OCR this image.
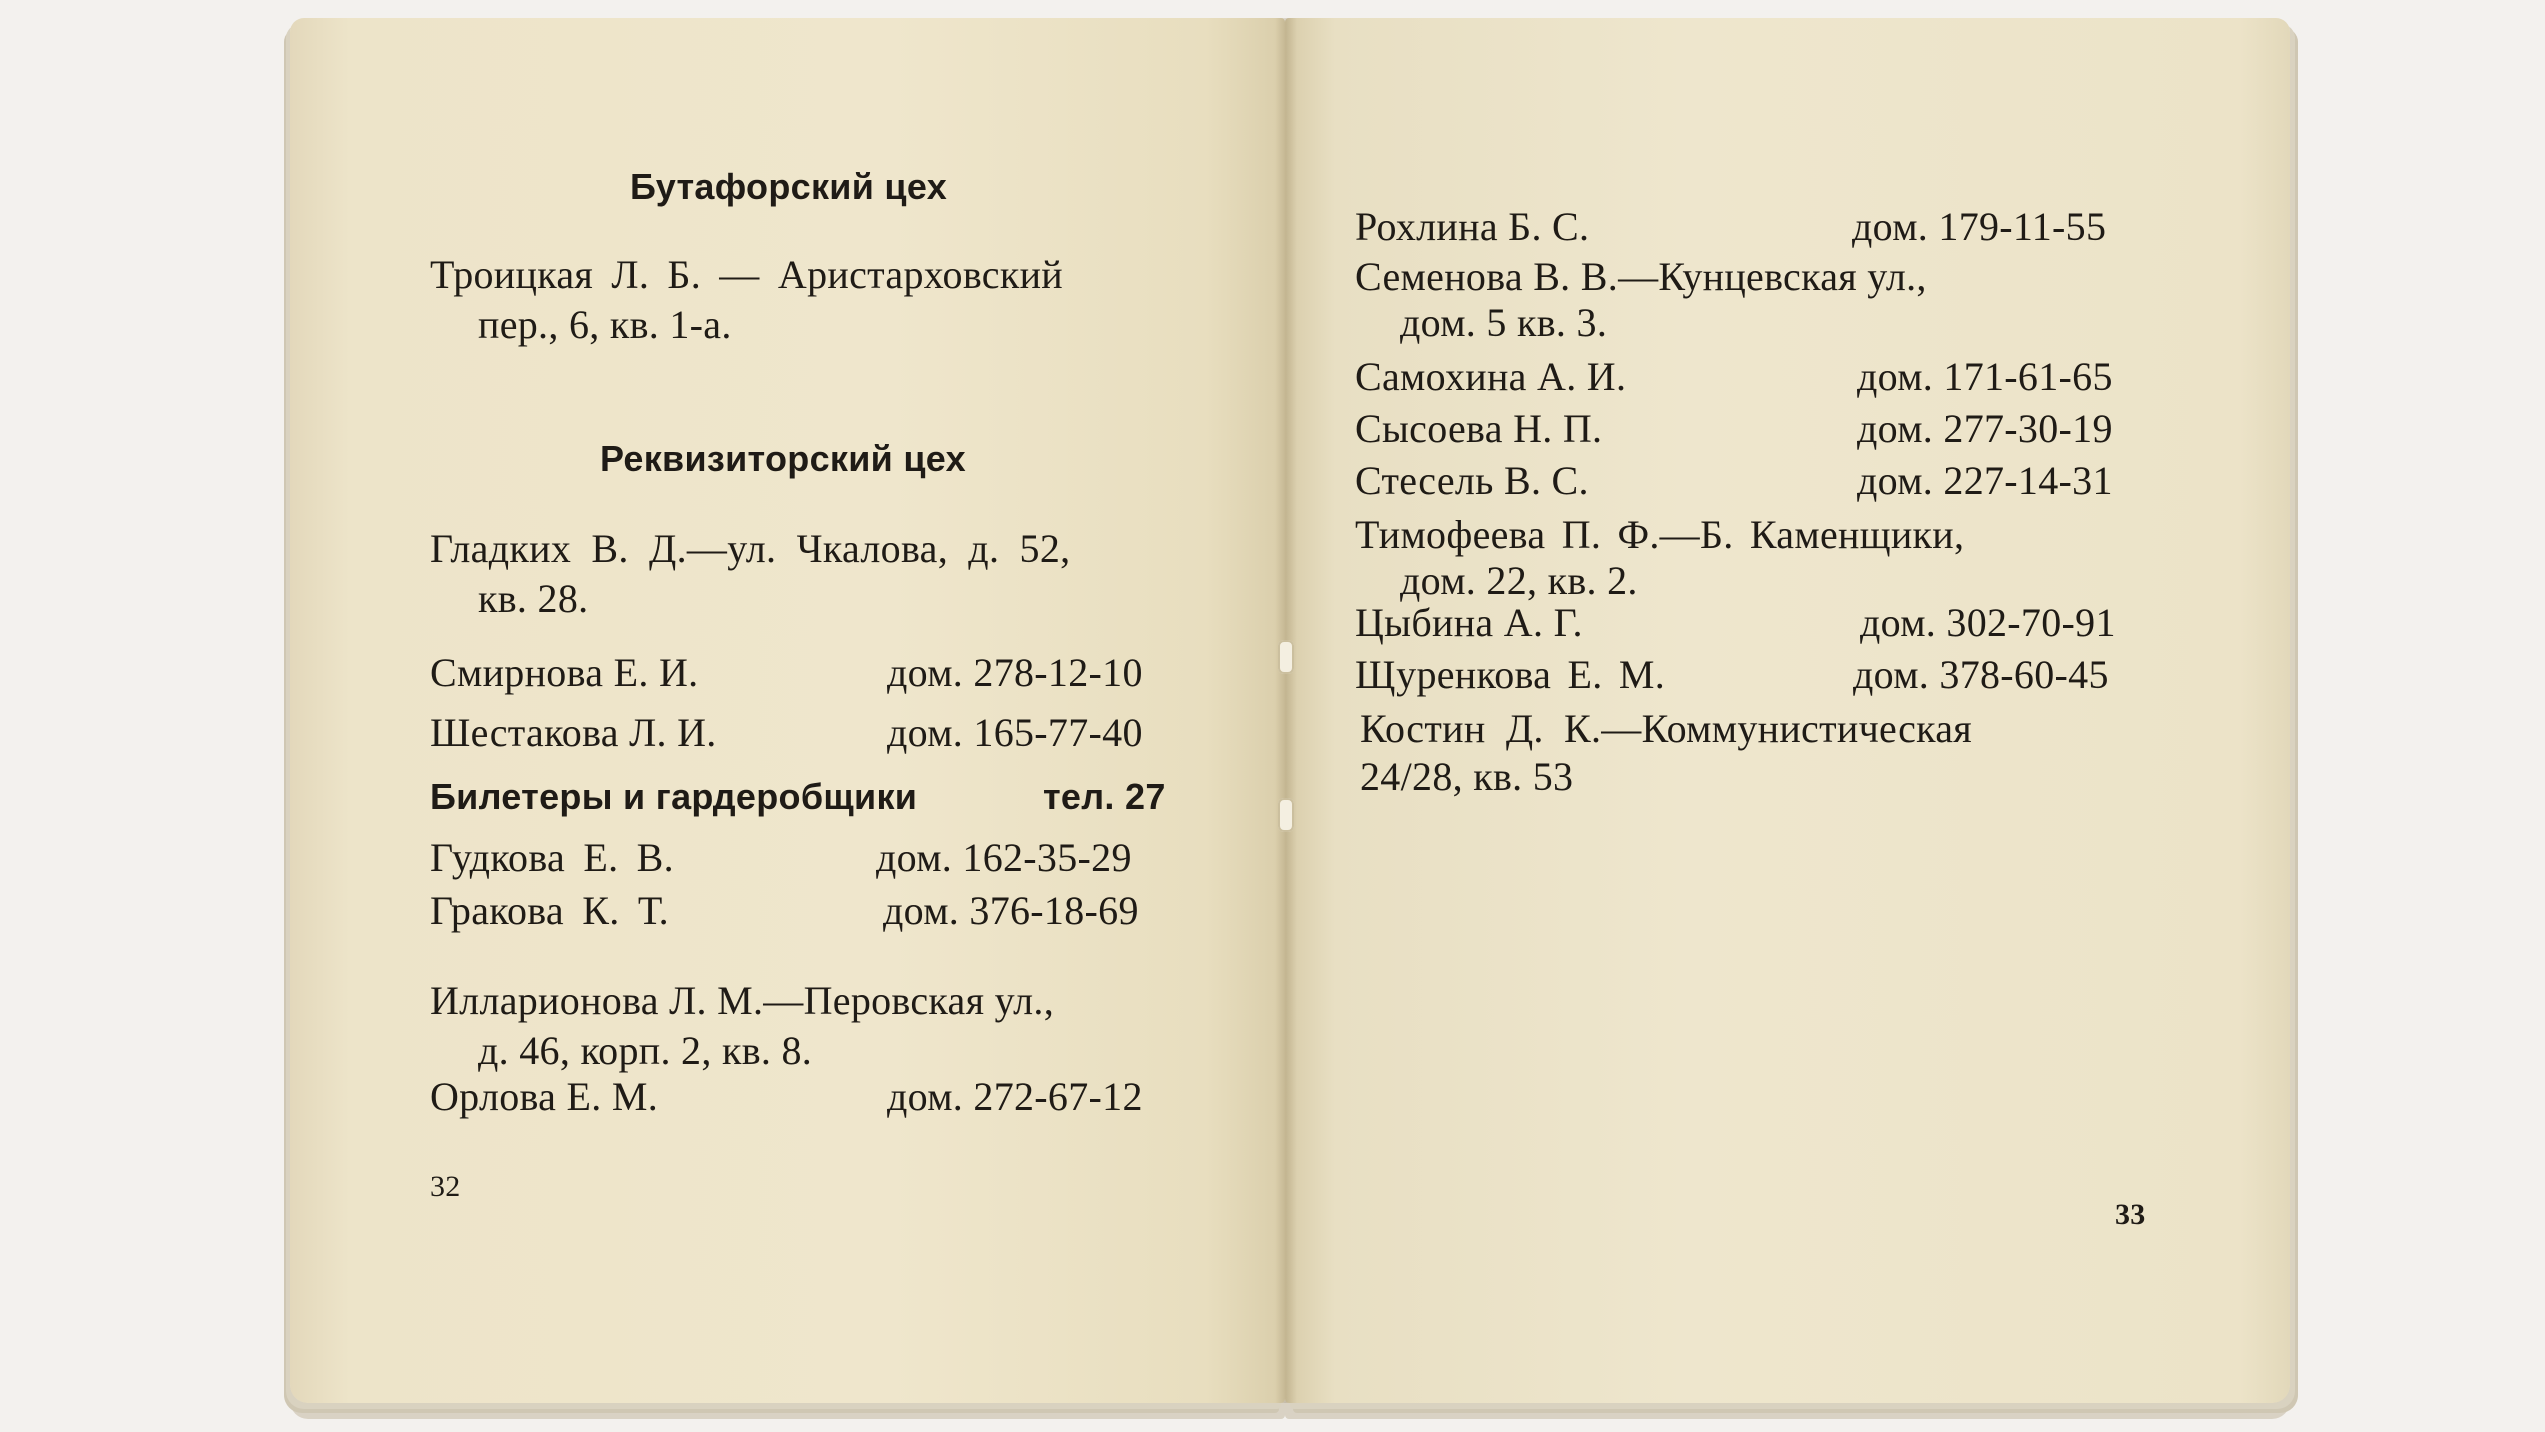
Бутафорский цех
Троицкая Л. Б. — Аристарховский
пер., 6, кв. 1-а.
Реквизиторский цех
Гладких В. Д.—ул. Чкалова, д. 52,
кв. 28.
Смирнова Е. И.	дом. 278-12-10
Шестакова Л. И.	дом. 165-77-40
Билетеры и гардеробщики	тел. 27
Гудкова Е. В.	дом. 162-35-29
Гракова К. Т.	дом. 376-18-69
Илларионова Л. М.—Перовская ул.,
д. 46, корп. 2, кв. 8.
Орлова Е. М.	дом. 272-67-12
32
Рохлина Б. С.	дом. 179-11-55
Семенова В. В.—Кунцевская ул.,
дом. 5 кв. 3.
Самохина А. И.	дом. 171-61-65
Сысоева Н. П.	дом. 277-30-19
Стесель В. С.	дом. 227-14-31
Тимофеева П. Ф.—Б. Каменщики,
дом. 22, кв. 2.
Цыбина А. Г.	дом. 302-70-91
Щуренкова Е. М.	дом. 378-60-45
Костин Д. К.—Коммунистическая
24/28, кв. 53
33
